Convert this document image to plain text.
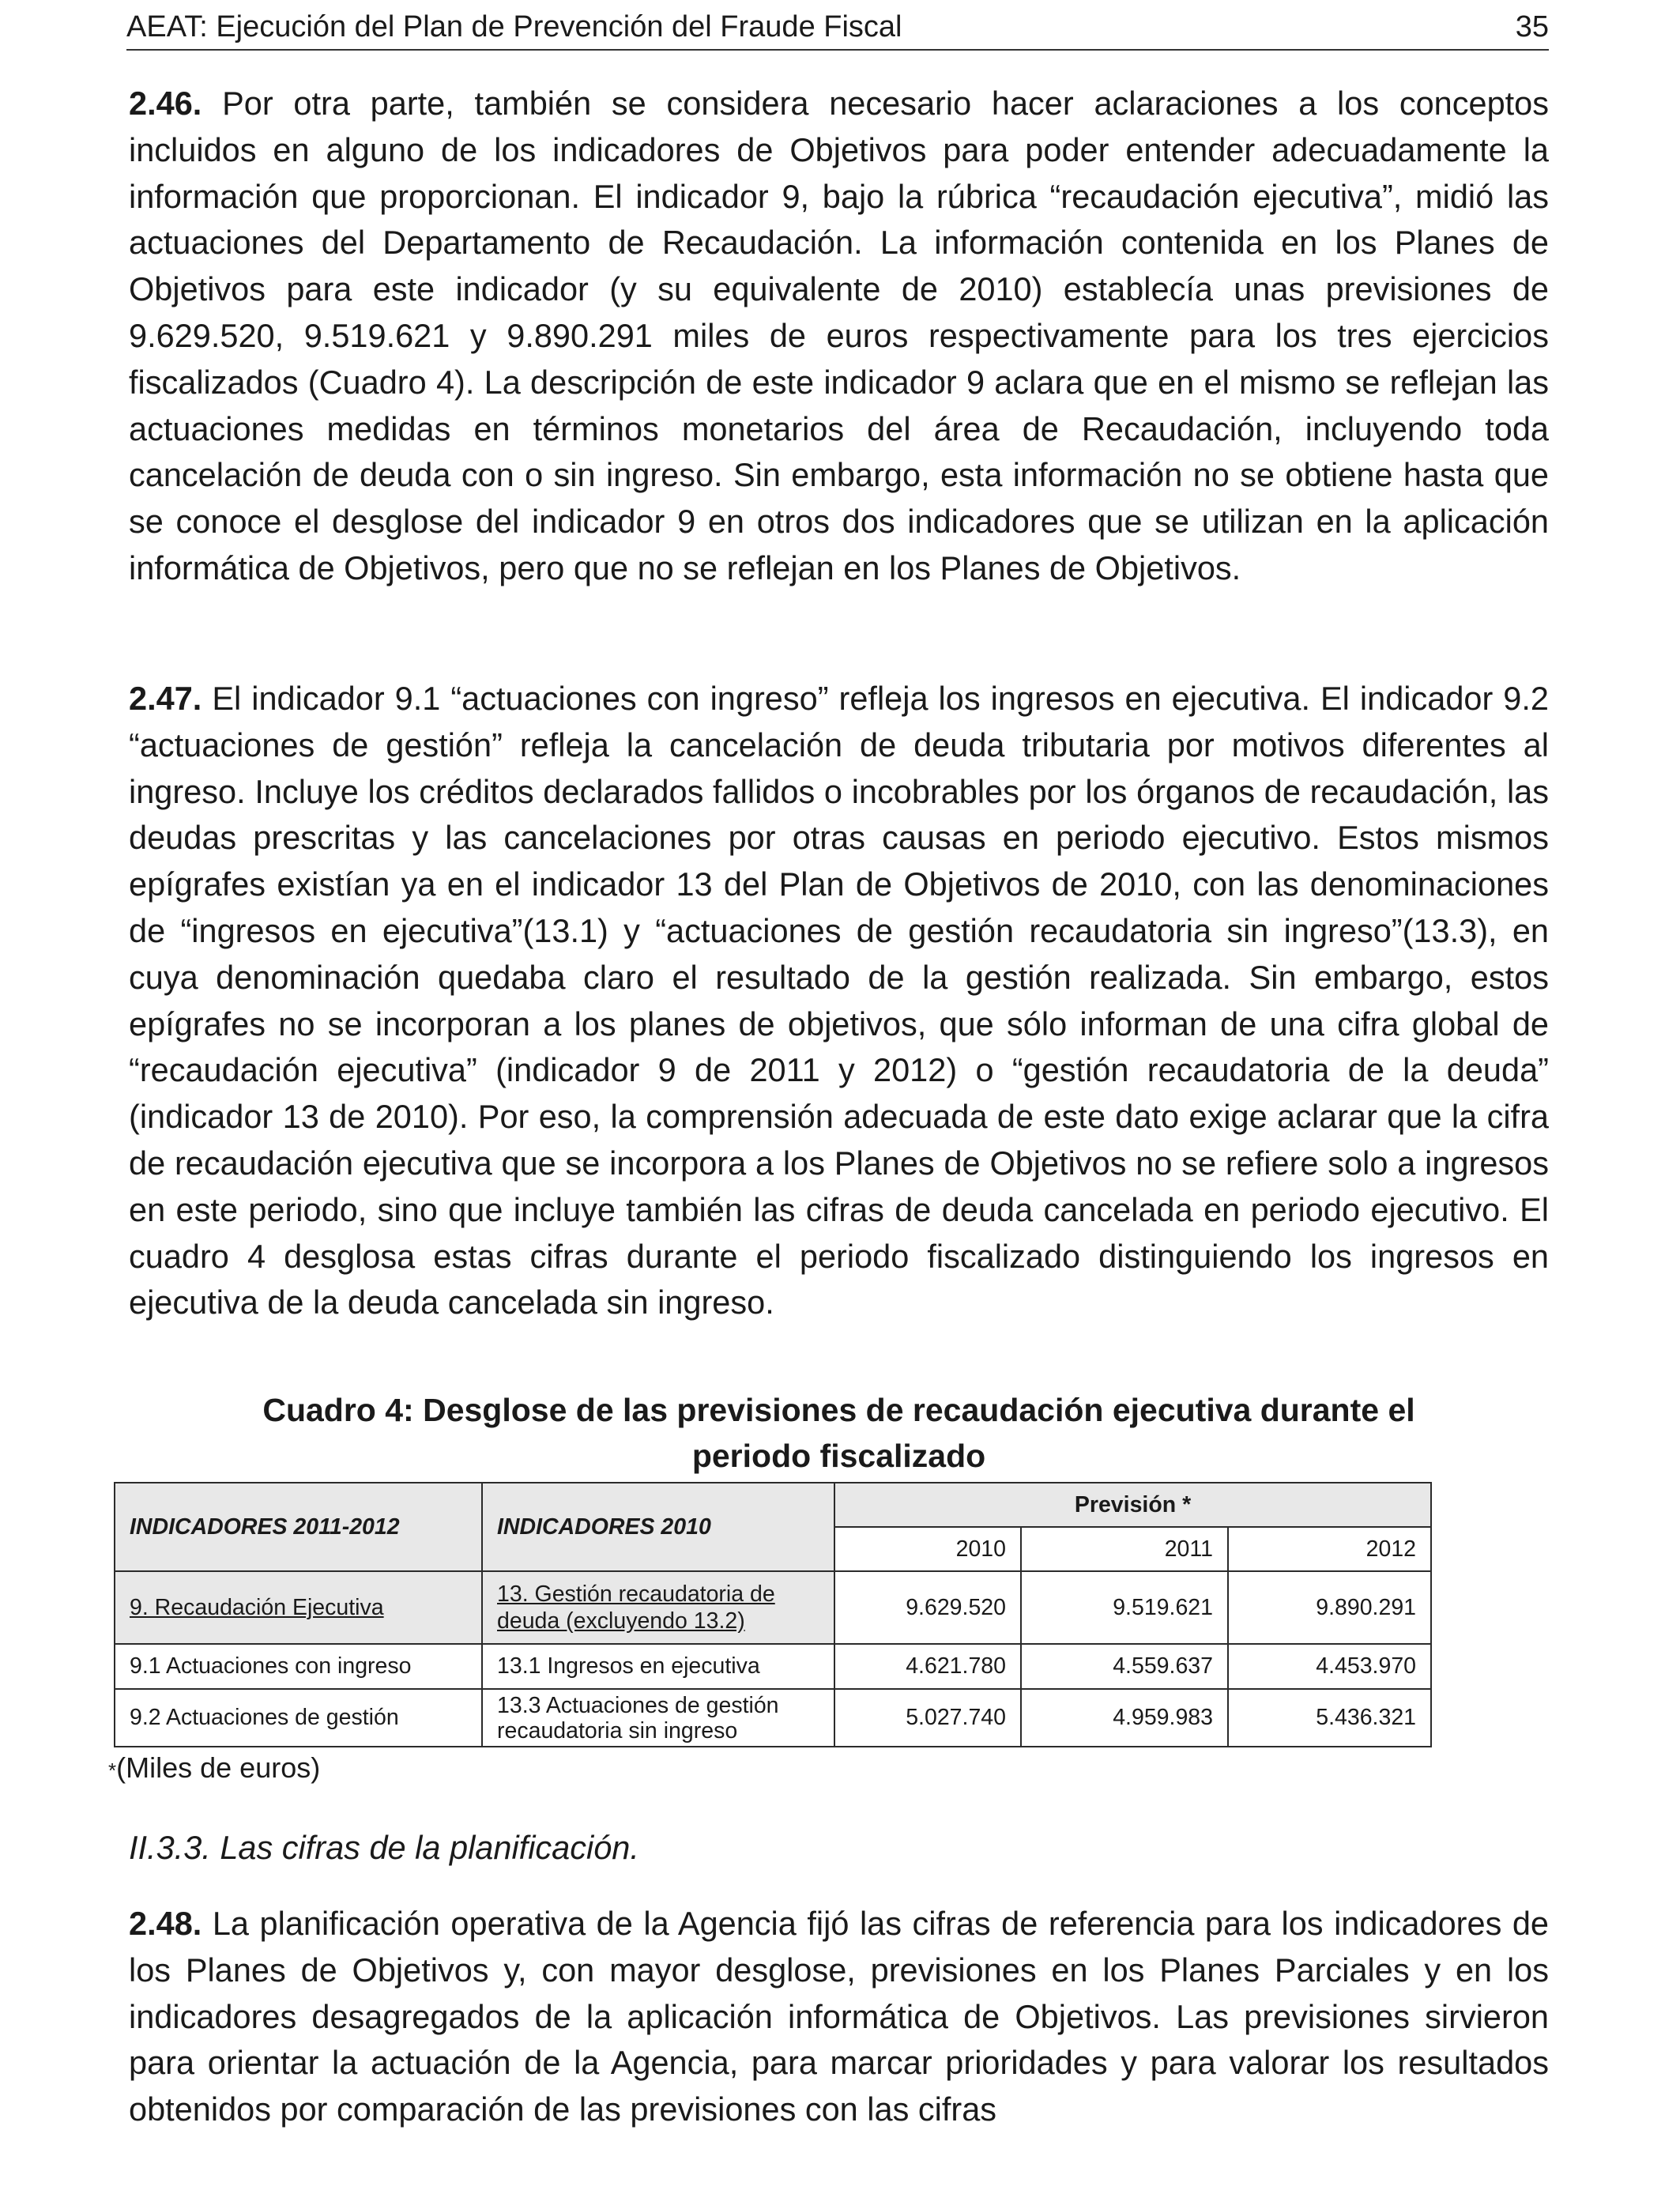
AEAT: Ejecución del Plan de Prevención del Fraude Fiscal	35

2.46. Por otra parte, también se considera necesario hacer aclaraciones a los conceptos incluidos en alguno de los indicadores de Objetivos para poder entender adecuadamente la información que proporcionan. El indicador 9, bajo la rúbrica “recaudación ejecutiva”, midió las actuaciones del Departamento de Recaudación. La información contenida en los Planes de Objetivos para este indicador (y su equivalente de 2010) establecía unas previsiones de 9.629.520, 9.519.621 y 9.890.291 miles de euros respectivamente para los tres ejercicios fiscalizados (Cuadro 4). La descripción de este indicador 9 aclara que en el mismo se reflejan las actuaciones medidas en términos monetarios del área de Recaudación, incluyendo toda cancelación de deuda con o sin ingreso. Sin embargo, esta información no se obtiene hasta que se conoce el desglose del indicador 9 en otros dos indicadores que se utilizan en la aplicación informática de Objetivos, pero que no se reflejan en los Planes de Objetivos.

2.47. El indicador 9.1 “actuaciones con ingreso” refleja los ingresos en ejecutiva. El indicador 9.2 “actuaciones de gestión” refleja la cancelación de deuda tributaria por motivos diferentes al ingreso. Incluye los créditos declarados fallidos o incobrables por los órganos de recaudación, las deudas prescritas y las cancelaciones por otras causas en periodo ejecutivo. Estos mismos epígrafes existían ya en el indicador 13 del Plan de Objetivos de 2010, con las denominaciones de “ingresos en ejecutiva”(13.1) y “actuaciones de gestión recaudatoria sin ingreso”(13.3), en cuya denominación quedaba claro el resultado de la gestión realizada. Sin embargo, estos epígrafes no se incorporan a los planes de objetivos, que sólo informan de una cifra global de “recaudación ejecutiva” (indicador 9 de 2011 y 2012) o “gestión recaudatoria de la deuda” (indicador 13 de 2010). Por eso, la comprensión adecuada de este dato exige aclarar que la cifra de recaudación ejecutiva que se incorpora a los Planes de Objetivos no se refiere solo a ingresos en este periodo, sino que incluye también las cifras de deuda cancelada en periodo ejecutivo. El cuadro 4 desglosa estas cifras durante el periodo fiscalizado distinguiendo los ingresos en ejecutiva de la deuda cancelada sin ingreso.

Cuadro 4: Desglose de las previsiones de recaudación ejecutiva durante el periodo fiscalizado
INDICADORES 2011-2012	INDICADORES 2010	Previsión *		
		2010	2011	2012
9. Recaudación Ejecutiva	13. Gestión recaudatoria de deuda (excluyendo 13.2)	9.629.520	9.519.621	9.890.291
9.1 Actuaciones con ingreso	13.1 Ingresos en ejecutiva	4.621.780	4.559.637	4.453.970
9.2 Actuaciones de gestión	13.3 Actuaciones de gestión recaudatoria sin ingreso	5.027.740	4.959.983	5.436.321
*(Miles de euros)
II.3.3. Las cifras de la planificación.

2.48. La planificación operativa de la Agencia fijó las cifras de referencia para los indicadores de los Planes de Objetivos y, con mayor desglose, previsiones en los Planes Parciales y en los indicadores desagregados de la aplicación informática de Objetivos. Las previsiones sirvieron para orientar la actuación de la Agencia, para marcar prioridades y para valorar los resultados obtenidos por comparación de las previsiones con las cifras
